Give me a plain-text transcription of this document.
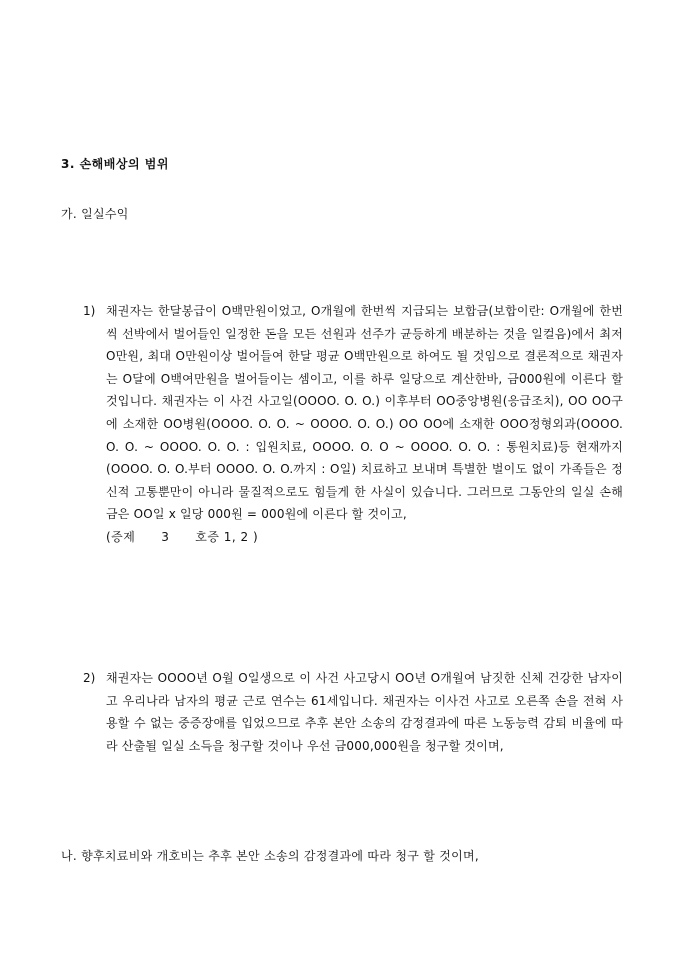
3. 손해배상의 범위
가. 일실수익
1) 채권자는 한달봉급이 O백만원이었고, O개월에 한번씩 지급되는 보합금(보합이란: O개월에 한번씩 선박에서 벌어들인 일정한 돈을 모든 선원과 선주가 균등하게 배분하는 것을 일컬음)에서 최저 O만원, 최대 O만원이상 벌어들여 한달 평균 O백만원으로 하여도 될 것임으로 결론적으로 채권자는 O달에 O백여만원을 벌어들이는 셈이고, 이를 하루 일당으로 계산한바, 금000원에 이른다 할 것입니다. 채권자는 이 사건 사고일(OOOO. O. O.) 이후부터 OO중앙병원(응급조치), OO OO구에 소재한 OO병원(OOOO. O. O. ~ OOOO. O. O.) OO OO에 소재한 OOO정형외과(OOOO. O. O. ~ OOOO. O. O. : 입원치료, OOOO. O. O ~ OOOO. O. O. : 통원치료)등 현재까지 (OOOO. O. O.부터 OOOO. O. O.까지 : O일) 치료하고 보내며 특별한 벌이도 없이 가족들은 정신적 고통뿐만이 아니라 물질적으로도 힘들게 한 사실이 있습니다. 그러므로 그동안의 일실 손해금은 OO일 x 일당 000원 = 000원에 이른다 할 것이고,
(증제      3      호증 1, 2 )
2) 채권자는 OOOO년 O월 O일생으로 이 사건 사고당시 OO년 O개월여 남짓한 신체 건강한 남자이고 우리나라 남자의 평균 근로 연수는 61세입니다. 채권자는 이사건 사고로 오른쪽 손을 전혀 사용할 수 없는 중증장애를 입었으므로 추후 본안 소송의 감정결과에 따른 노동능력 감퇴 비율에 따라 산출될 일실 소득을 청구할 것이나 우선 금000,000원을 청구할 것이며,
나. 향후치료비와 개호비는 추후 본안 소송의 감정결과에 따라 청구 할 것이며,
